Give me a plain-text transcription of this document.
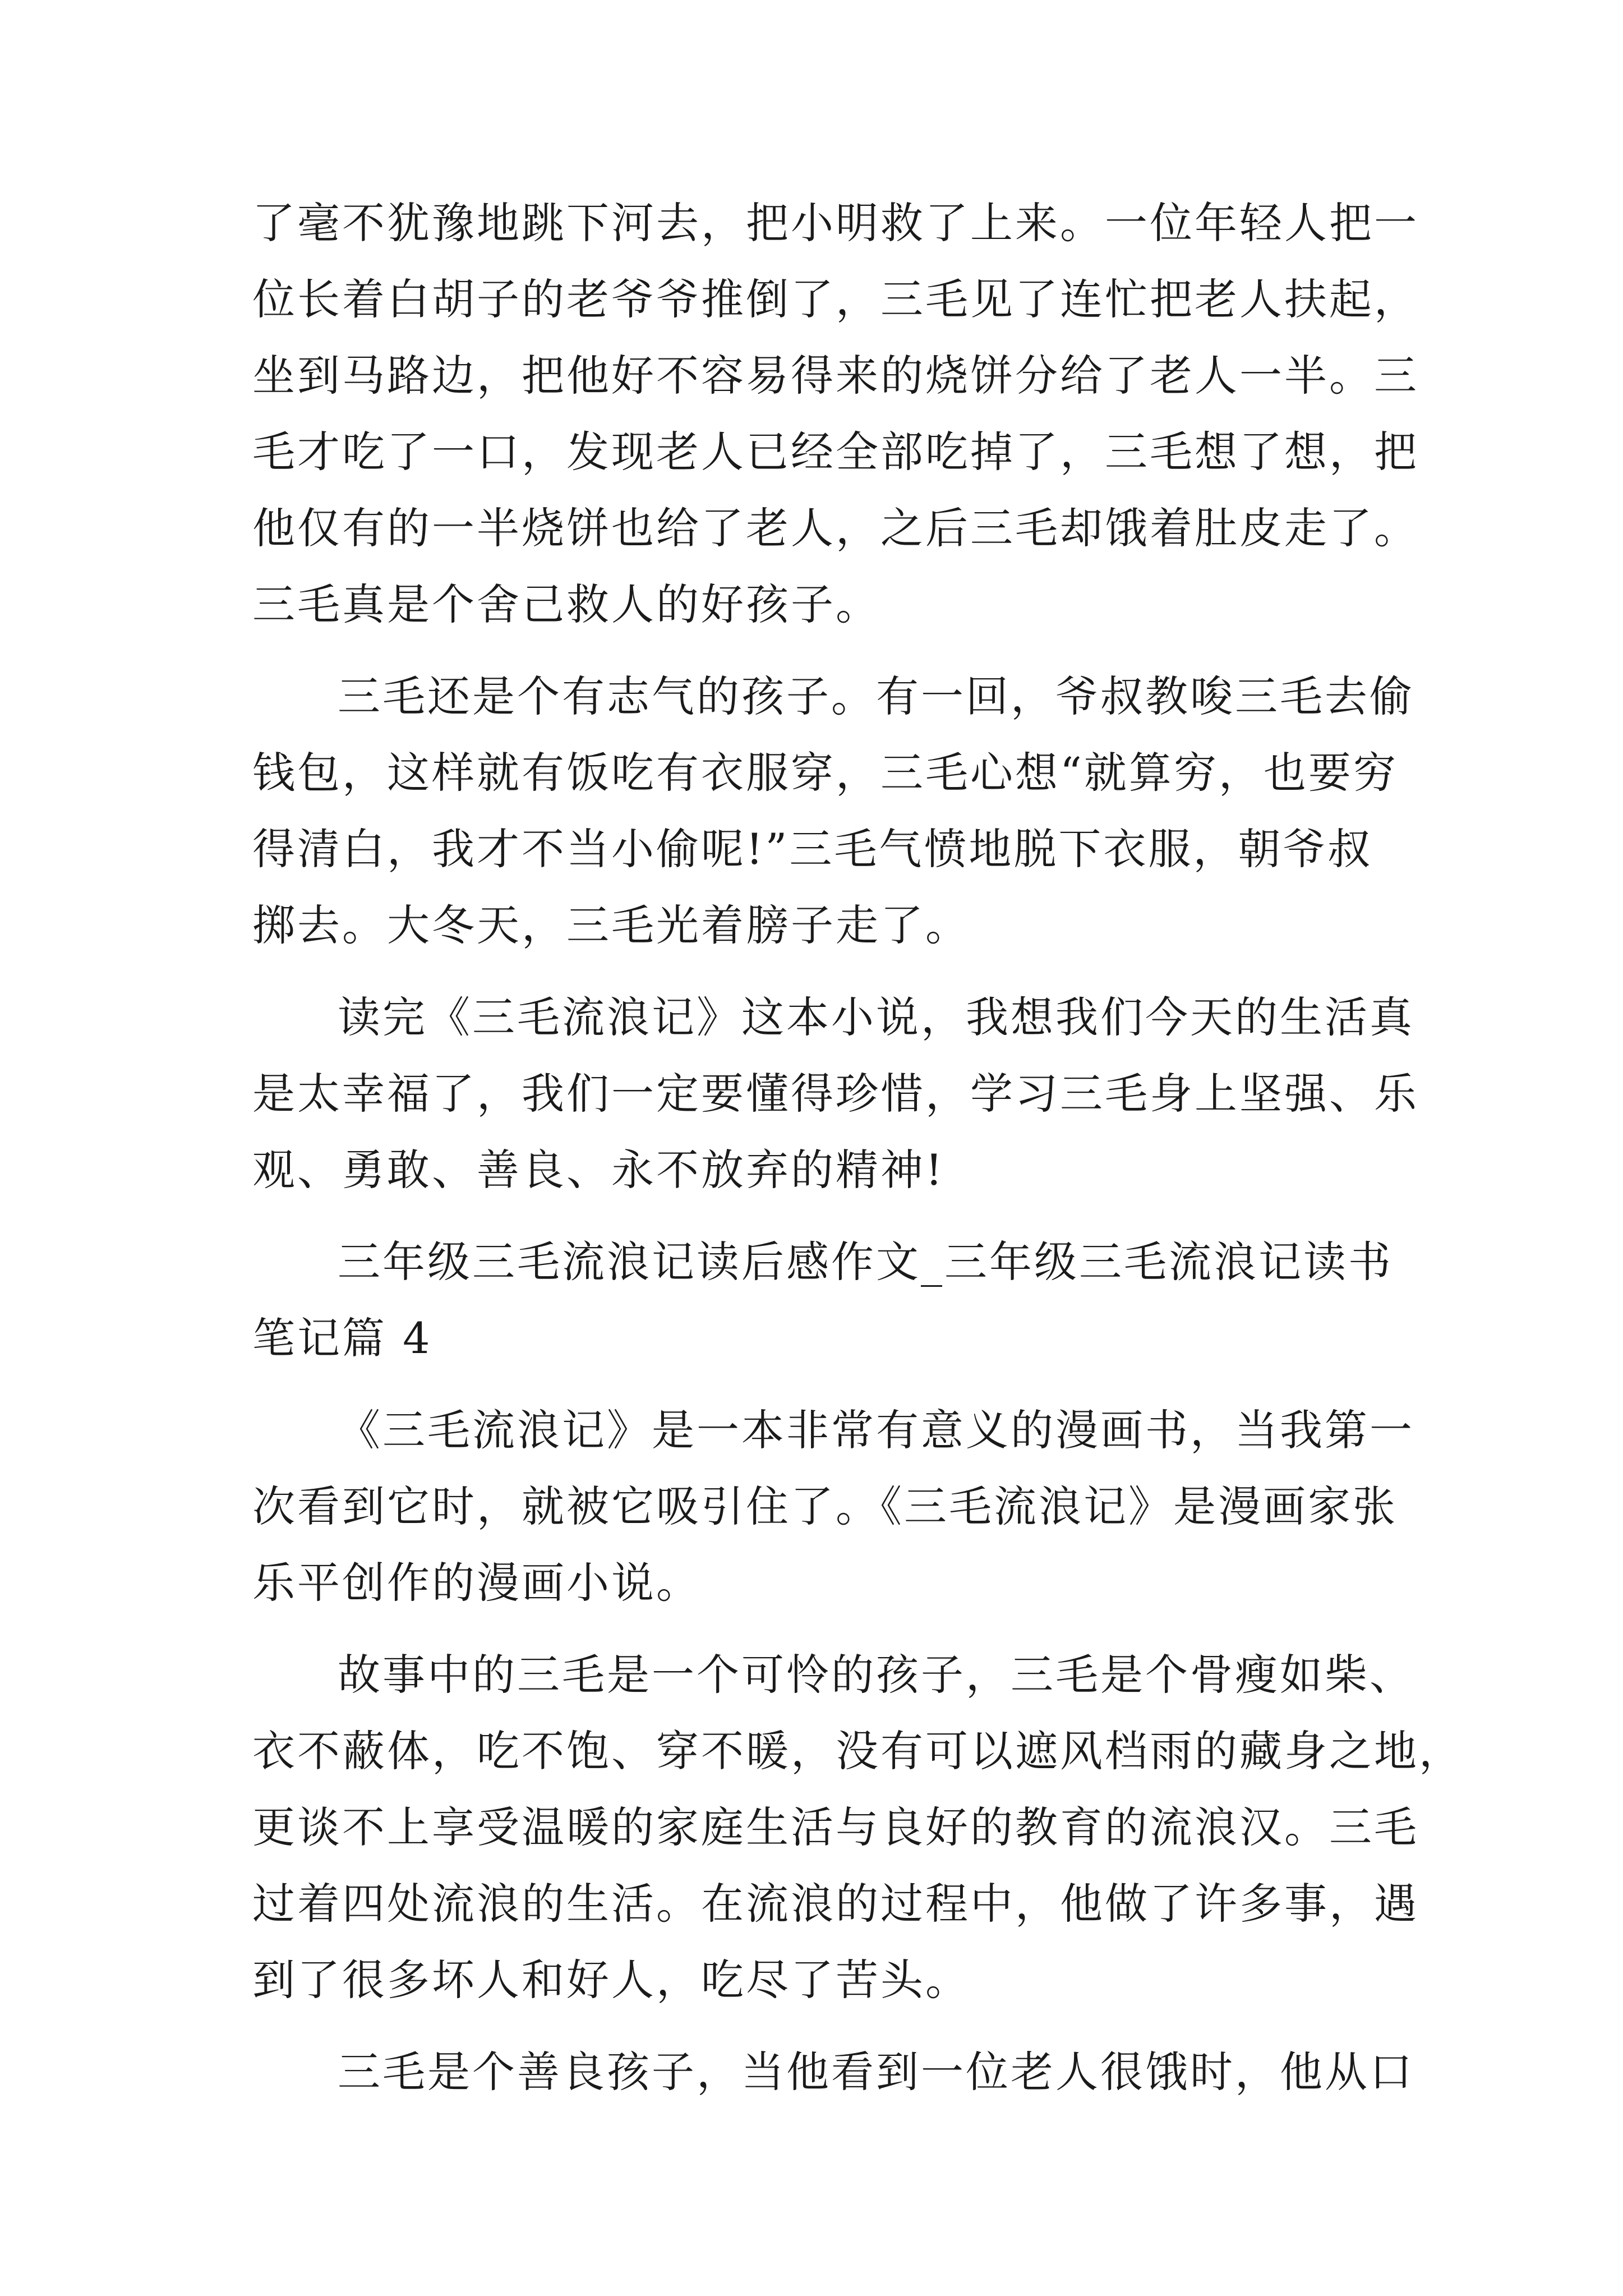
了毫不犹豫地跳下河去，把小明救了上来。一位年轻人把一
位长着白胡子的老爷爷推倒了，三毛见了连忙把老人扶起，
坐到马路边，把他好不容易得来的烧饼分给了老人一半。三
毛才吃了一口，发现老人已经全部吃掉了，三毛想了想，把
他仅有的一半烧饼也给了老人，之后三毛却饿着肚皮走了。
三毛真是个舍己救人的好孩子。
三毛还是个有志气的孩子。有一回，爷叔教唆三毛去偷
钱包，这样就有饭吃有衣服穿，三毛心想“就算穷，也要穷
得清白，我才不当小偷呢!”三毛气愤地脱下衣服，朝爷叔
掷去。大冬天，三毛光着膀子走了。
读完《三毛流浪记》这本小说，我想我们今天的生活真
是太幸福了，我们一定要懂得珍惜，学习三毛身上坚强、乐
观、勇敢、善良、永不放弃的精神!
三年级三毛流浪记读后感作文_三年级三毛流浪记读书
笔记篇 4
《三毛流浪记》是一本非常有意义的漫画书，当我第一
次看到它时，就被它吸引住了。《三毛流浪记》是漫画家张
乐平创作的漫画小说。
故事中的三毛是一个可怜的孩子，三毛是个骨瘦如柴、
衣不蔽体，吃不饱、穿不暖，没有可以遮风档雨的藏身之地，
更谈不上享受温暖的家庭生活与良好的教育的流浪汉。三毛
过着四处流浪的生活。在流浪的过程中，他做了许多事，遇
到了很多坏人和好人，吃尽了苦头。
三毛是个善良孩子，当他看到一位老人很饿时，他从口
